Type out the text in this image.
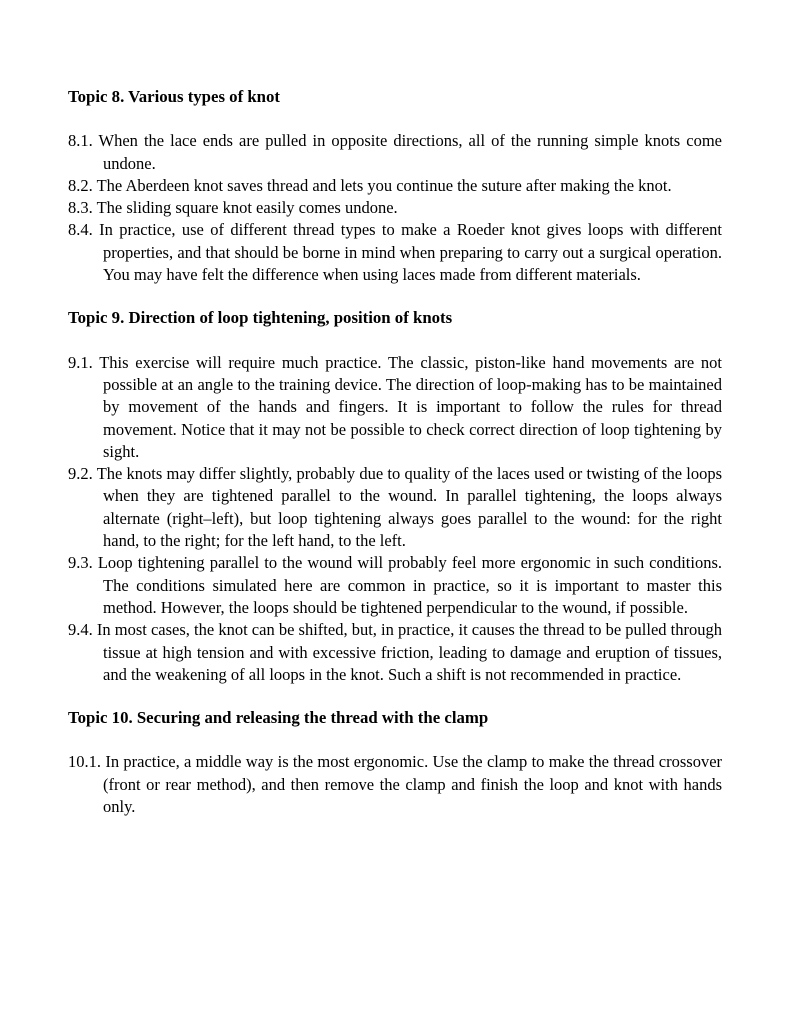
Topic 8. Various types of knot

8.1. When the lace ends are pulled in opposite directions, all of the running simple knots come undone.

8.2. The Aberdeen knot saves thread and lets you continue the suture after making the knot.

8.3. The sliding square knot easily comes undone.

8.4. In practice, use of different thread types to make a Roeder knot gives loops with different properties, and that should be borne in mind when preparing to carry out a surgical operation. You may have felt the difference when using laces made from different materials.

Topic 9. Direction of loop tightening, position of knots

9.1. This exercise will require much practice. The classic, piston-like hand movements are not possible at an angle to the training device. The direction of loop-making has to be maintained by movement of the hands and fingers. It is important to follow the rules for thread movement. Notice that it may not be possible to check correct direction of loop tightening by sight.

9.2. The knots may differ slightly, probably due to quality of the laces used or twisting of the loops when they are tightened parallel to the wound. In parallel tightening, the loops always alternate (right–left), but loop tightening always goes parallel to the wound: for the right hand, to the right; for the left hand, to the left.

9.3. Loop tightening parallel to the wound will probably feel more ergonomic in such conditions. The conditions simulated here are common in practice, so it is important to master this method. However, the loops should be tightened perpendicular to the wound, if possible.

9.4. In most cases, the knot can be shifted, but, in practice, it causes the thread to be pulled through tissue at high tension and with excessive friction, leading to damage and eruption of tissues, and the weakening of all loops in the knot. Such a shift is not recommended in practice.

Topic 10. Securing and releasing the thread with the clamp

10.1. In practice, a middle way is the most ergonomic. Use the clamp to make the thread crossover (front or rear method), and then remove the clamp and finish the loop and knot with hands only.
